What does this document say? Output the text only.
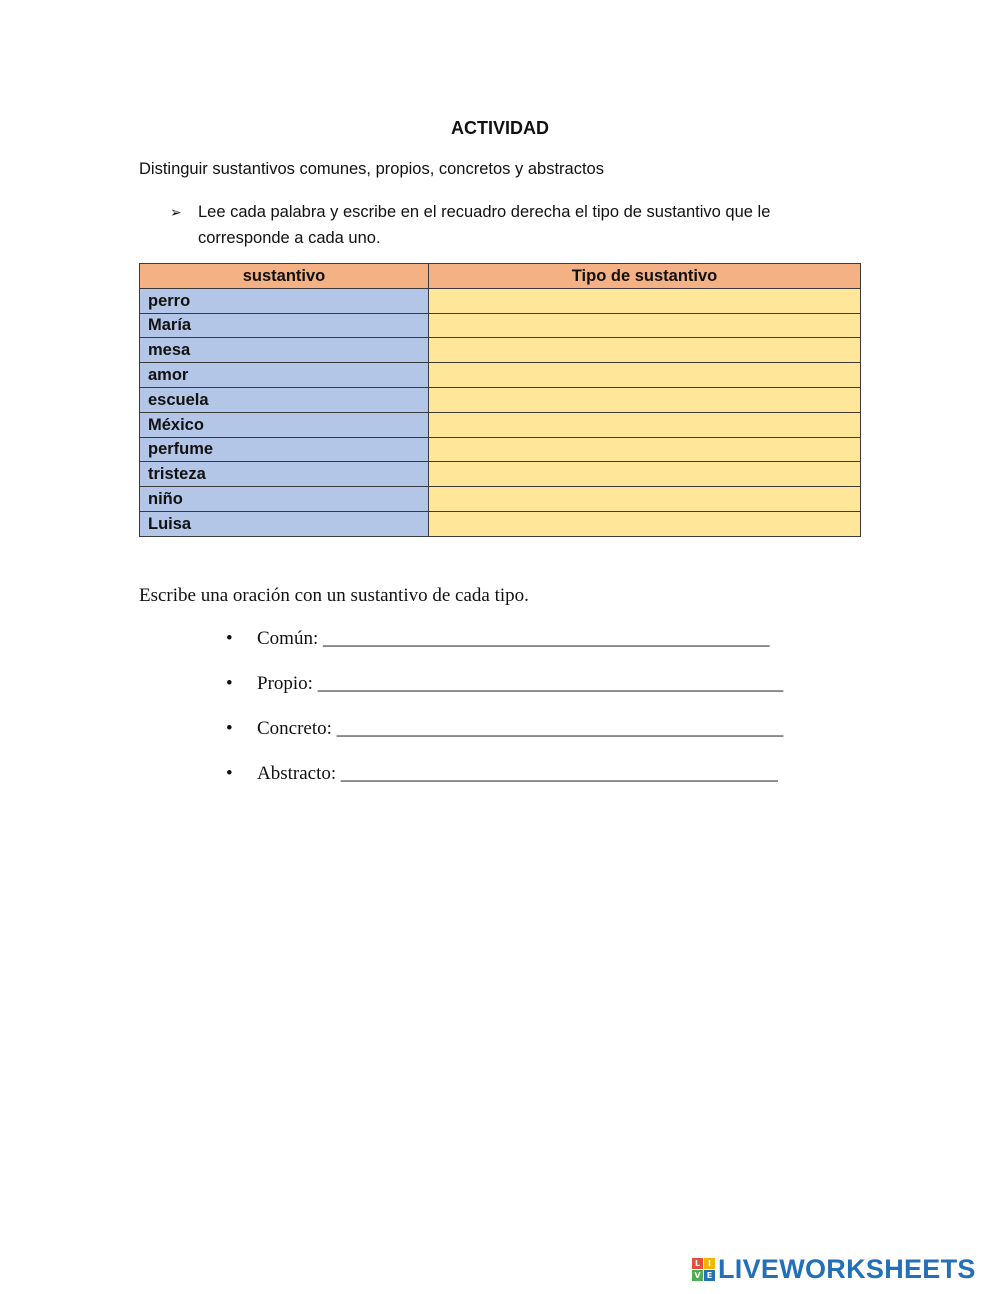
ACTIVIDAD
Distinguir sustantivos comunes, propios, concretos y abstractos
➢ Lee cada palabra y escribe en el recuadro derecha el tipo de sustantivo que le corresponde a cada uno.
sustantivo	Tipo de sustantivo
perro	
María	
mesa	
amor	
escuela	
México	
perfume	
tristeza	
niño	
Luisa	
Escribe una oración con un sustantivo de cada tipo.
• Común: _______________________________________________
• Propio: _________________________________________________
• Concreto: _______________________________________________
• Abstracto: ______________________________________________
L I
V E LIVEWORKSHEETS
